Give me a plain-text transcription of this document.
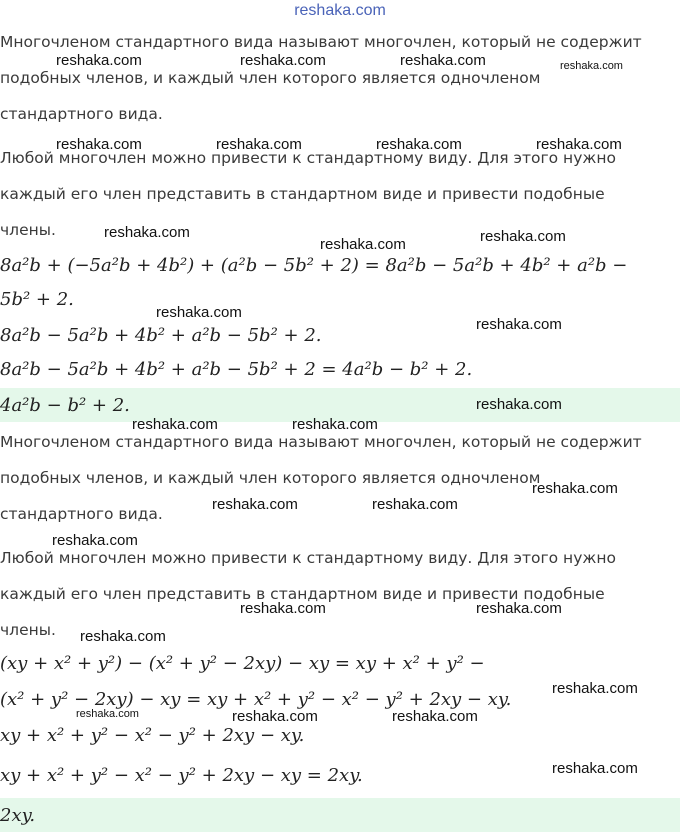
reshaka.com

Многочленом стандартного вида называют многочлен, который не содержит

подобных членов, и каждый член которого является одночленом

стандартного вида.

Любой многочлен можно привести к стандартному виду. Для этого нужно

каждый его член представить в стандартном виде и привести подобные

члены.

8a²b + (−5a²b + 4b²) + (a²b − 5b² + 2) = 8a²b − 5a²b + 4b² + a²b −
5b² + 2.
8a²b − 5a²b + 4b² + a²b − 5b² + 2.
8a²b − 5a²b + 4b² + a²b − 5b² + 2 = 4a²b − b² + 2.
4a²b − b² + 2.

Многочленом стандартного вида называют многочлен, который не содержит

подобных членов, и каждый член которого является одночленом

стандартного вида.

Любой многочлен можно привести к стандартному виду. Для этого нужно

каждый его член представить в стандартном виде и привести подобные

члены.

(xy + x² + y²) − (x² + y² − 2xy) − xy = xy + x² + y² −
(x² + y² − 2xy) − xy = xy + x² + y² − x² − y² + 2xy − xy.
xy + x² + y² − x² − y² + 2xy − xy.
xy + x² + y² − x² − y² + 2xy − xy = 2xy.
2xy.
reshaka.com	reshaka.com	reshaka.com	reshaka.com
reshaka.com	reshaka.com	reshaka.com	reshaka.com
reshaka.com
reshaka.com	reshaka.com
reshaka.com
reshaka.com
reshaka.com
reshaka.com	reshaka.com
reshaka.com
reshaka.com	reshaka.com
reshaka.com
reshaka.com	reshaka.com
reshaka.com
reshaka.com
reshaka.com	reshaka.com	reshaka.com
reshaka.com
